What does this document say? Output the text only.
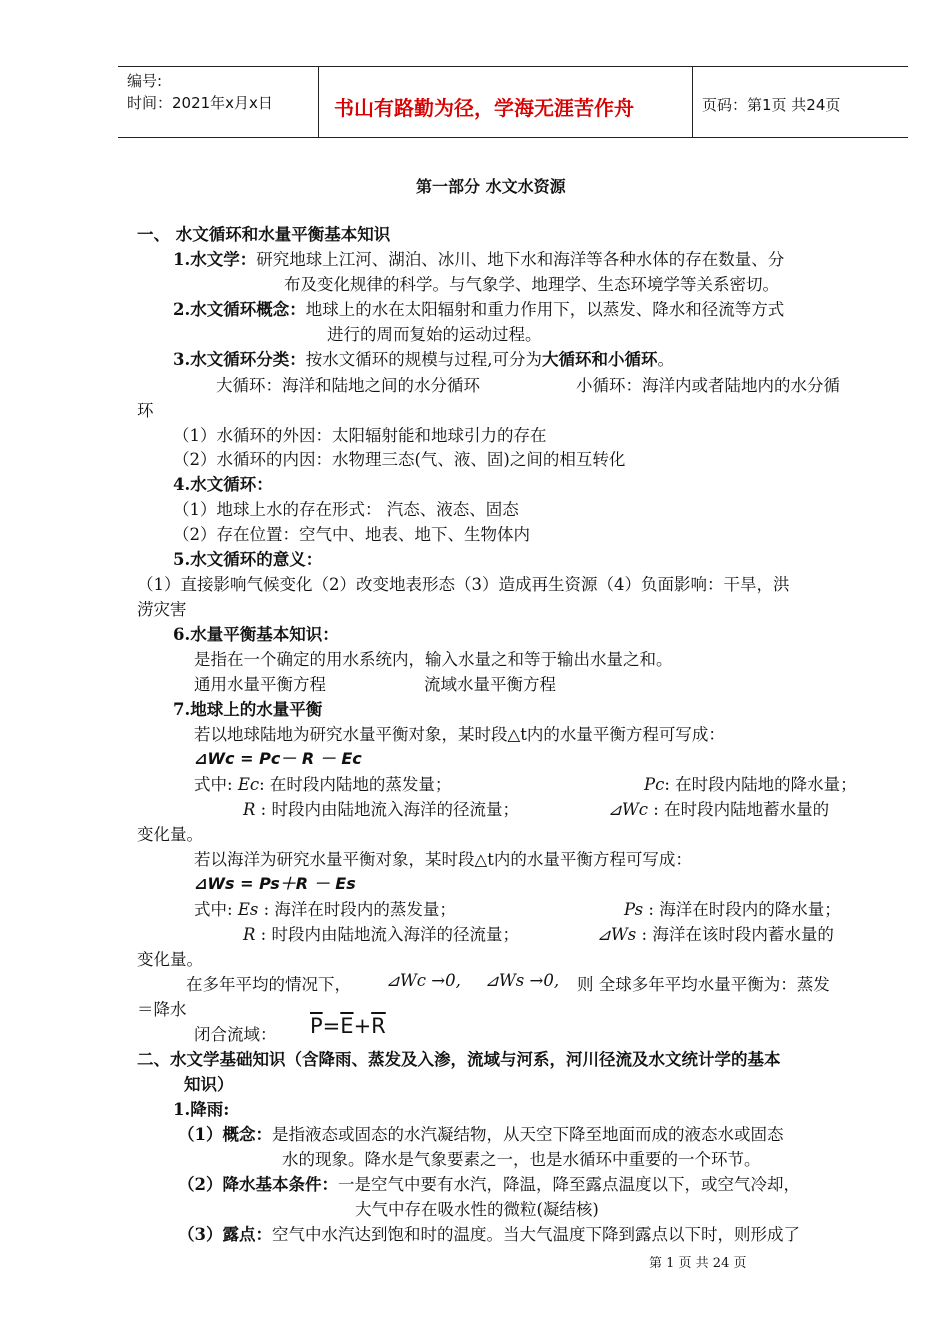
编号:
时间：2021年x月x日	书山有路勤为径，学海无涯苦作舟	页码：第1页 共24页
第一部分 水文水资源
一、 水文循环和水量平衡基本知识
1.水文学：研究地球上江河、湖泊、冰川、地下水和海洋等各种水体的存在数量、分
布及变化规律的科学。与气象学、地理学、生态环境学等关系密切。
2.水文循环概念：地球上的水在太阳辐射和重力作用下，以蒸发、降水和径流等方式
进行的周而复始的运动过程。
3.水文循环分类：按水文循环的规模与过程,可分为大循环和小循环。
大循环：海洋和陆地之间的水分循环	小循环：海洋内或者陆地内的水分循
环
（1）水循环的外因：太阳辐射能和地球引力的存在
（2）水循环的内因：水物理三态(气、液、固)之间的相互转化
4.水文循环：
（1）地球上水的存在形式： 汽态、液态、固态
（2）存在位置：空气中、地表、地下、生物体内
5.水文循环的意义：
（1）直接影响气候变化（2）改变地表形态（3）造成再生资源（4）负面影响：干旱，洪
涝灾害
6.水量平衡基本知识：
是指在一个确定的用水系统内，输入水量之和等于输出水量之和。
通用水量平衡方程	流域水量平衡方程
7.地球上的水量平衡
若以地球陆地为研究水量平衡对象，某时段△t内的水量平衡方程可写成：
⊿Wc = Pc－ R － Ec
式中: Ec: 在时段内陆地的蒸发量；	Pc: 在时段内陆地的降水量；
R : 时段内由陆地流入海洋的径流量；	⊿Wc : 在时段内陆地蓄水量的
变化量。
若以海洋为研究水量平衡对象，某时段△t内的水量平衡方程可写成：
⊿Ws = Ps＋R － Es
式中: Es : 海洋在时段内的蒸发量；	Ps : 海洋在时段内的降水量；
R : 时段内由陆地流入海洋的径流量；	⊿Ws : 海洋在该时段内蓄水量的
变化量。
在多年平均的情况下， ⊿Wc →0, ⊿Ws →0, 则 全球多年平均水量平衡为：蒸发
＝降水
闭合流域： $\overline{P}=\overline{E}+\overline{R}$
二、水文学基础知识（含降雨、蒸发及入渗，流域与河系，河川径流及水文统计学的基本
知识）
1.降雨:
（1）概念：是指液态或固态的水汽凝结物，从天空下降至地面而成的液态水或固态
水的现象。降水是气象要素之一，也是水循环中重要的一个环节。
（2）降水基本条件：一是空气中要有水汽，降温，降至露点温度以下，或空气冷却，
大气中存在吸水性的微粒(凝结核)
（3）露点：空气中水汽达到饱和时的温度。当大气温度下降到露点以下时，则形成了
第 1 页 共 24 页
